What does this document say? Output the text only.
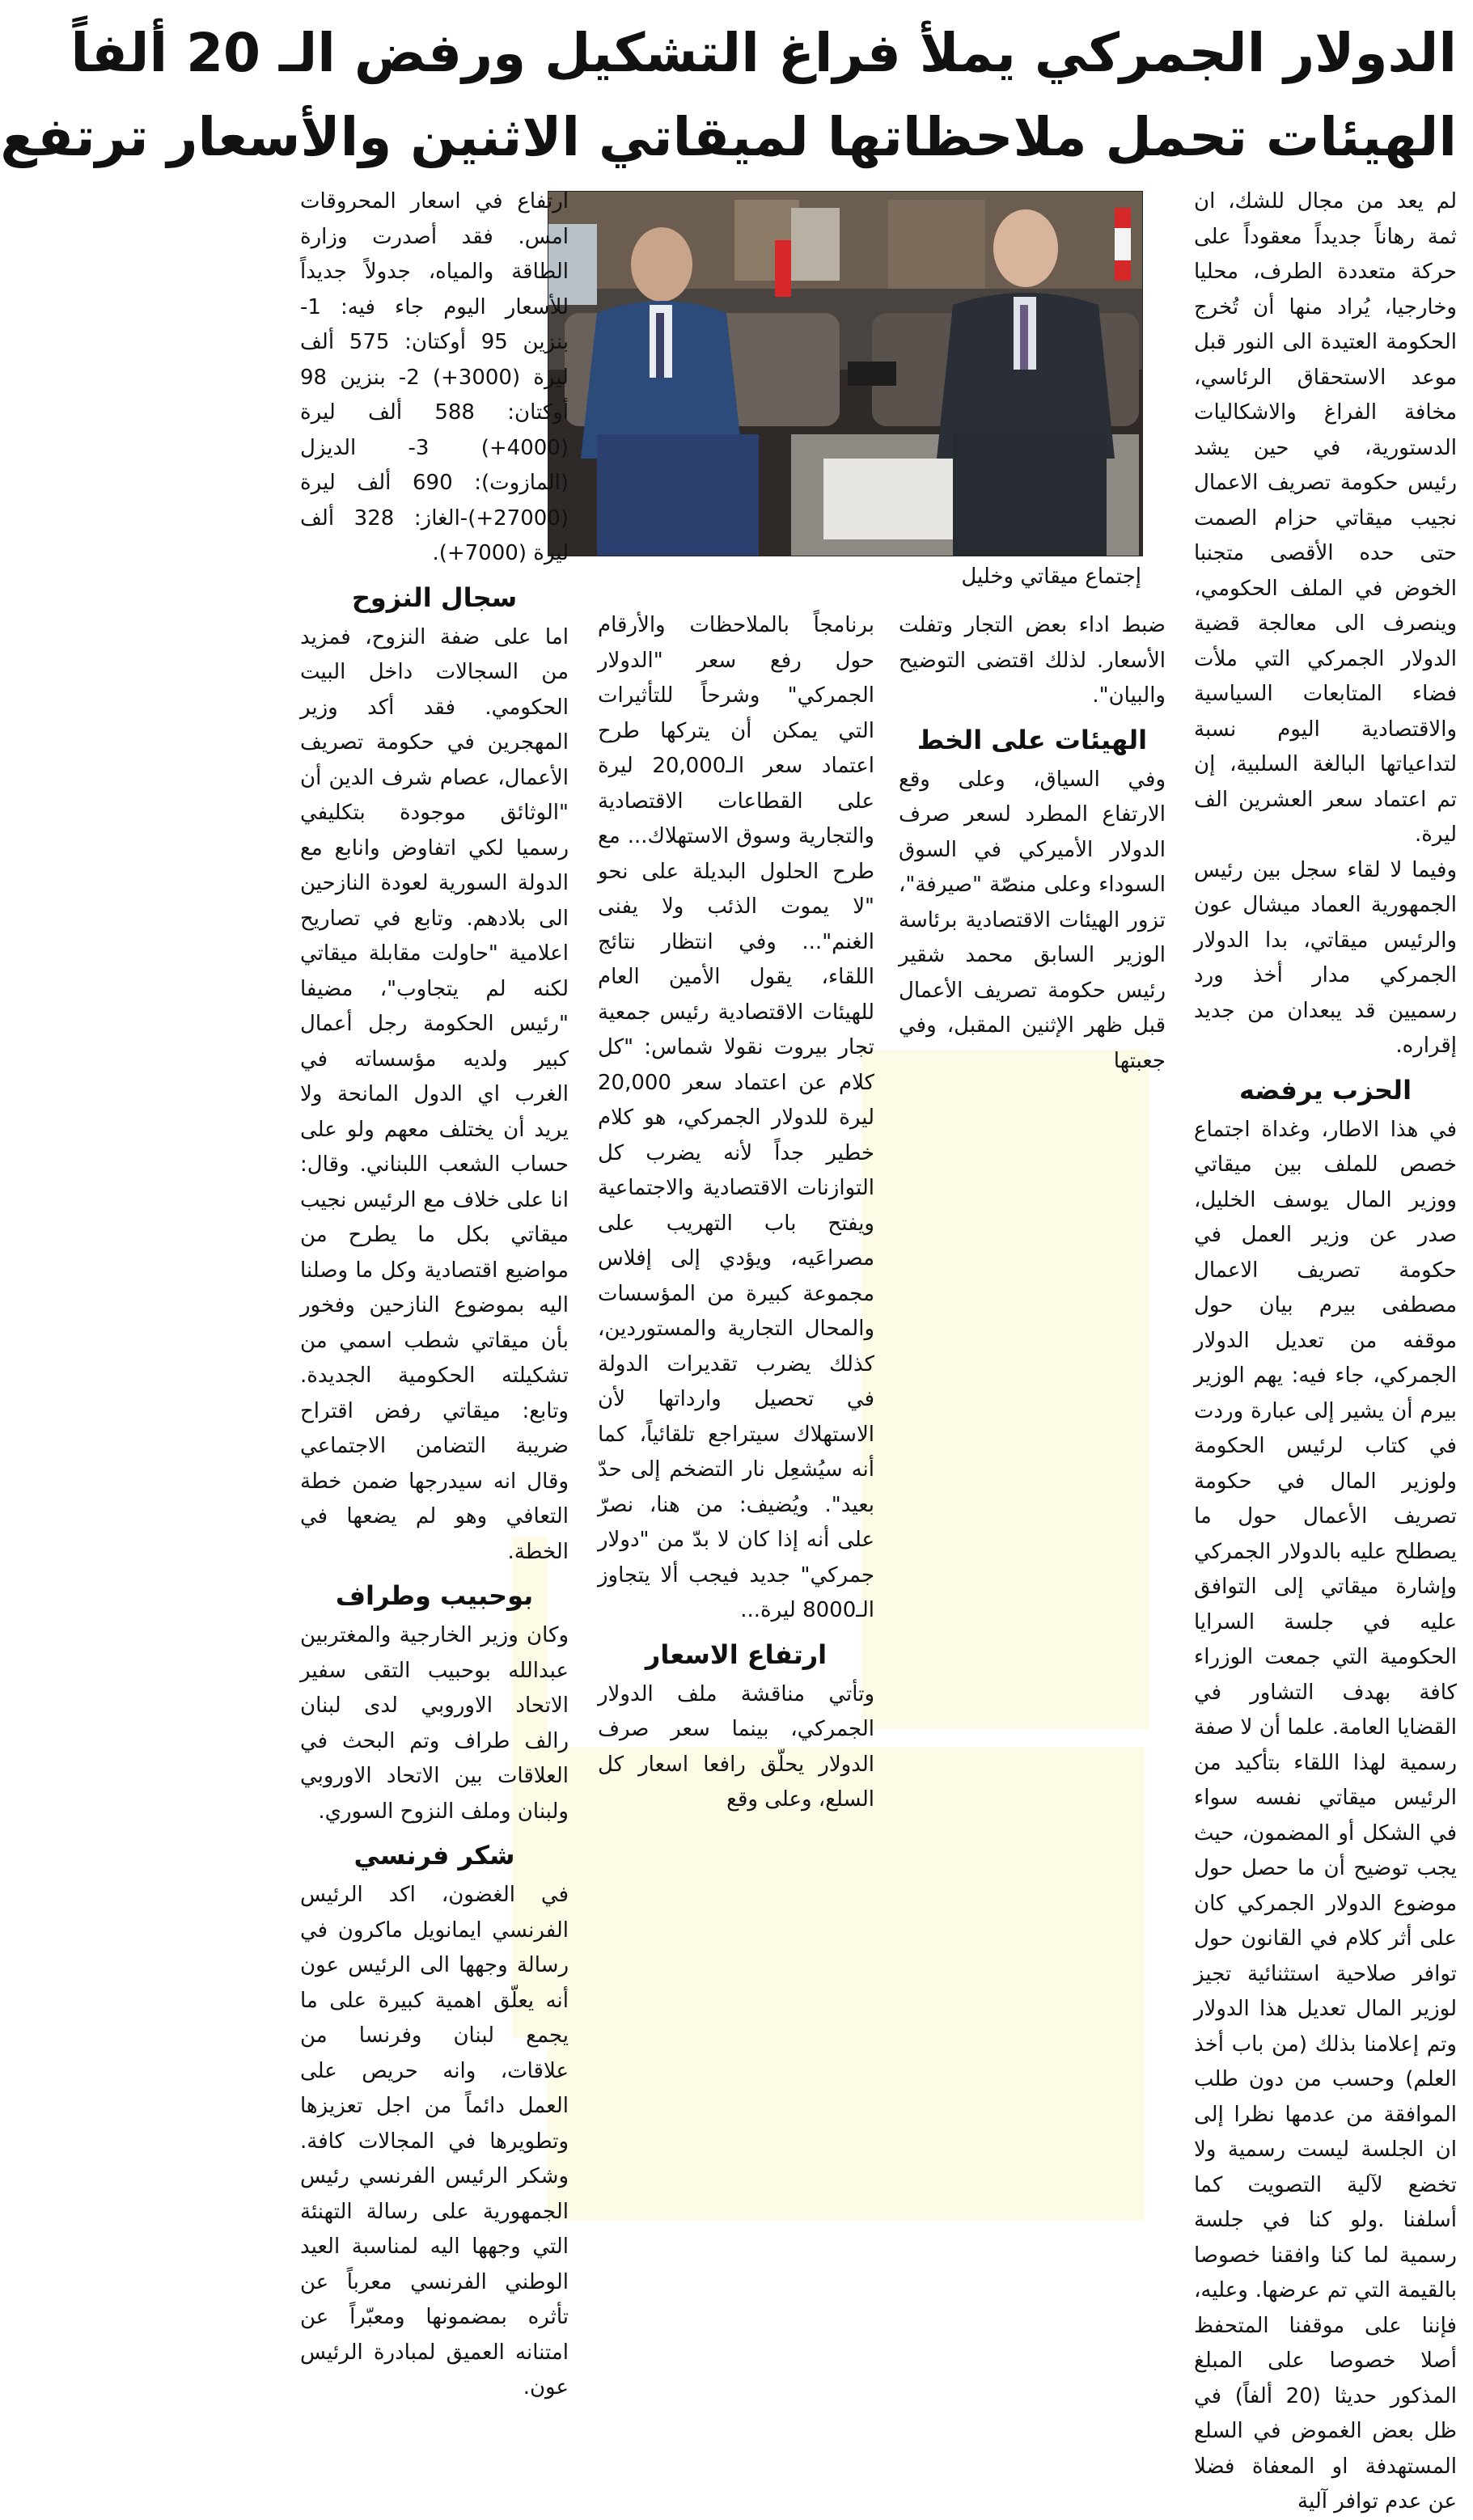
الدولار الجمركي يملأ فراغ التشكيل ورفض الـ 20 ألفاً
الهيئات تحمل ملاحظاتها لميقاتي الاثنين والأسعار ترتفع
إجتماع ميقاتي وخليل

لم يعد من مجال للشك، ان ثمة رهاناً جديداً معقوداً على حركة متعددة الطرف، محليا وخارجيا، يُراد منها أن تُخرج الحكومة العتيدة الى النور قبل موعد الاستحقاق الرئاسي، مخافة الفراغ والاشكاليات الدستورية، في حين يشد رئيس حكومة تصريف الاعمال نجيب ميقاتي حزام الصمت حتى حده الأقصى متجنبا الخوض في الملف الحكومي، وينصرف الى معالجة قضية الدولار الجمركي التي ملأت فضاء المتابعات السياسية والاقتصادية اليوم نسبة لتداعياتها البالغة السلبية، إن تم اعتماد سعر العشرين الف ليرة.

وفيما لا لقاء سجل بين رئيس الجمهورية العماد ميشال عون والرئيس ميقاتي، بدا الدولار الجمركي مدار أخذ ورد رسميين قد يبعدان من جديد إقراره.

الحزب يرفضه

في هذا الاطار، وغداة اجتماع خصص للملف بين ميقاتي ووزير المال يوسف الخليل، صدر عن وزير العمل في حكومة تصريف الاعمال مصطفى بيرم بيان حول موقفه من تعديل الدولار الجمركي، جاء فيه: يهم الوزير بيرم أن يشير إلى عبارة وردت في كتاب لرئيس الحكومة ولوزير المال في حكومة تصريف الأعمال حول ما يصطلح عليه بالدولار الجمركي وإشارة ميقاتي إلى التوافق عليه في جلسة السرايا الحكومية التي جمعت الوزراء كافة بهدف التشاور في القضايا العامة. علما أن لا صفة رسمية لهذا اللقاء بتأكيد من الرئيس ميقاتي نفسه سواء في الشكل أو المضمون، حيث يجب توضيح أن ما حصل حول موضوع الدولار الجمركي كان على أثر كلام في القانون حول توافر صلاحية استثنائية تجيز لوزير المال تعديل هذا الدولار وتم إعلامنا بذلك (من باب أخذ العلم) وحسب من دون طلب الموافقة من عدمها نظرا إلى ان الجلسة ليست رسمية ولا تخضع لآلية التصويت كما أسلفنا .ولو كنا في جلسة رسمية لما كنا وافقنا خصوصا بالقيمة التي تم عرضها. وعليه، فإننا على موقفنا المتحفظ أصلا خصوصا على المبلغ المذكور حديثا (20 ألفاً) في ظل بعض الغموض في السلع المستهدفة او المعفاة فضلا عن عدم توافر آلية

ضبط اداء بعض التجار وتفلت الأسعار. لذلك اقتضى التوضيح والبيان".

الهيئات على الخط

وفي السياق، وعلى وقع الارتفاع المطرد لسعر صرف الدولار الأميركي في السوق السوداء وعلى منصّة "صيرفة"، تزور الهيئات الاقتصادية برئاسة الوزير السابق محمد شقير رئيس حكومة تصريف الأعمال قبل ظهر الإثنين المقبل، وفي جعبتها

برنامجاً بالملاحظات والأرقام حول رفع سعر "الدولار الجمركي" وشرحاً للتأثيرات التي يمكن أن يتركها طرح اعتماد سعر الـ20,000 ليرة على القطاعات الاقتصادية والتجارية وسوق الاستهلاك... مع طرح الحلول البديلة على نحو "لا يموت الذئب ولا يفنى الغنم"... وفي انتظار نتائج اللقاء، يقول الأمين العام للهيئات الاقتصادية رئيس جمعية تجار بيروت نقولا شماس: "كل كلام عن اعتماد سعر 20,000 ليرة للدولار الجمركي، هو كلام خطير جداً لأنه يضرب كل التوازنات الاقتصادية والاجتماعية ويفتح باب التهريب على مصراعَيه، ويؤدي إلى إفلاس مجموعة كبيرة من المؤسسات والمحال التجارية والمستوردين، كذلك يضرب تقديرات الدولة في تحصيل وارداتها لأن الاستهلاك سيتراجع تلقائياً، كما أنه سيُشعِل نار التضخم إلى حدّ بعيد". ويُضيف: من هنا، نصرّ على أنه إذا كان لا بدّ من "دولار جمركي" جديد فيجب ألا يتجاوز الـ8000 ليرة...

ارتفاع الاسعار

وتأتي مناقشة ملف الدولار الجمركي، بينما سعر صرف الدولار يحلّق رافعا اسعار كل السلع، وعلى وقع

ارتفاع في اسعار المحروقات امس. فقد أصدرت وزارة الطاقة والمياه، جدولاً جديداً للأسعار اليوم جاء فيه: 1- بنزين 95 أوكتان: 575 ألف ليرة (3000+) 2- بنزين 98 أوكتان: 588 ألف ليرة (4000+) 3- الديزل (المازوت): 690 ألف ليرة (27000+)-الغاز: 328 ألف ليرة (7000+).

سجال النزوح

اما على ضفة النزوح، فمزيد من السجالات داخل البيت الحكومي. فقد أكد وزير المهجرين في حكومة تصريف الأعمال، عصام شرف الدين أن "الوثائق موجودة بتكليفي رسميا لكي اتفاوض وانابع مع الدولة السورية لعودة النازحين الى بلادهم. وتابع في تصاريح اعلامية "حاولت مقابلة ميقاتي لكنه لم يتجاوب"، مضيفا "رئيس الحكومة رجل أعمال كبير ولديه مؤسساته في الغرب اي الدول المانحة ولا يريد أن يختلف معهم ولو على حساب الشعب اللبناني. وقال: انا على خلاف مع الرئيس نجيب ميقاتي بكل ما يطرح من مواضيع اقتصادية وكل ما وصلنا اليه بموضوع النازحين وفخور بأن ميقاتي شطب اسمي من تشكيلته الحكومية الجديدة. وتابع: ميقاتي رفض اقتراح ضريبة التضامن الاجتماعي وقال انه سيدرجها ضمن خطة التعافي وهو لم يضعها في الخطة.

بوحبيب وطراف

وكان وزير الخارجية والمغتربين عبدالله بوحبيب التقى سفير الاتحاد الاوروبي لدى لبنان رالف طراف وتم البحث في العلاقات بين الاتحاد الاوروبي ولبنان وملف النزوح السوري.

شكر فرنسي

في الغضون، اكد الرئيس الفرنسي ايمانويل ماكرون في رسالة وجهها الى الرئيس عون أنه يعلّق اهمية كبيرة على ما يجمع لبنان وفرنسا من علاقات، وانه حريص على العمل دائماً من اجل تعزيزها وتطويرها في المجالات كافة. وشكر الرئيس الفرنسي رئيس الجمهورية على رسالة التهنئة التي وجهها اليه لمناسبة العيد الوطني الفرنسي معرباً عن تأثره بمضمونها ومعبّراً عن امتنانه العميق لمبادرة الرئيس عون.
